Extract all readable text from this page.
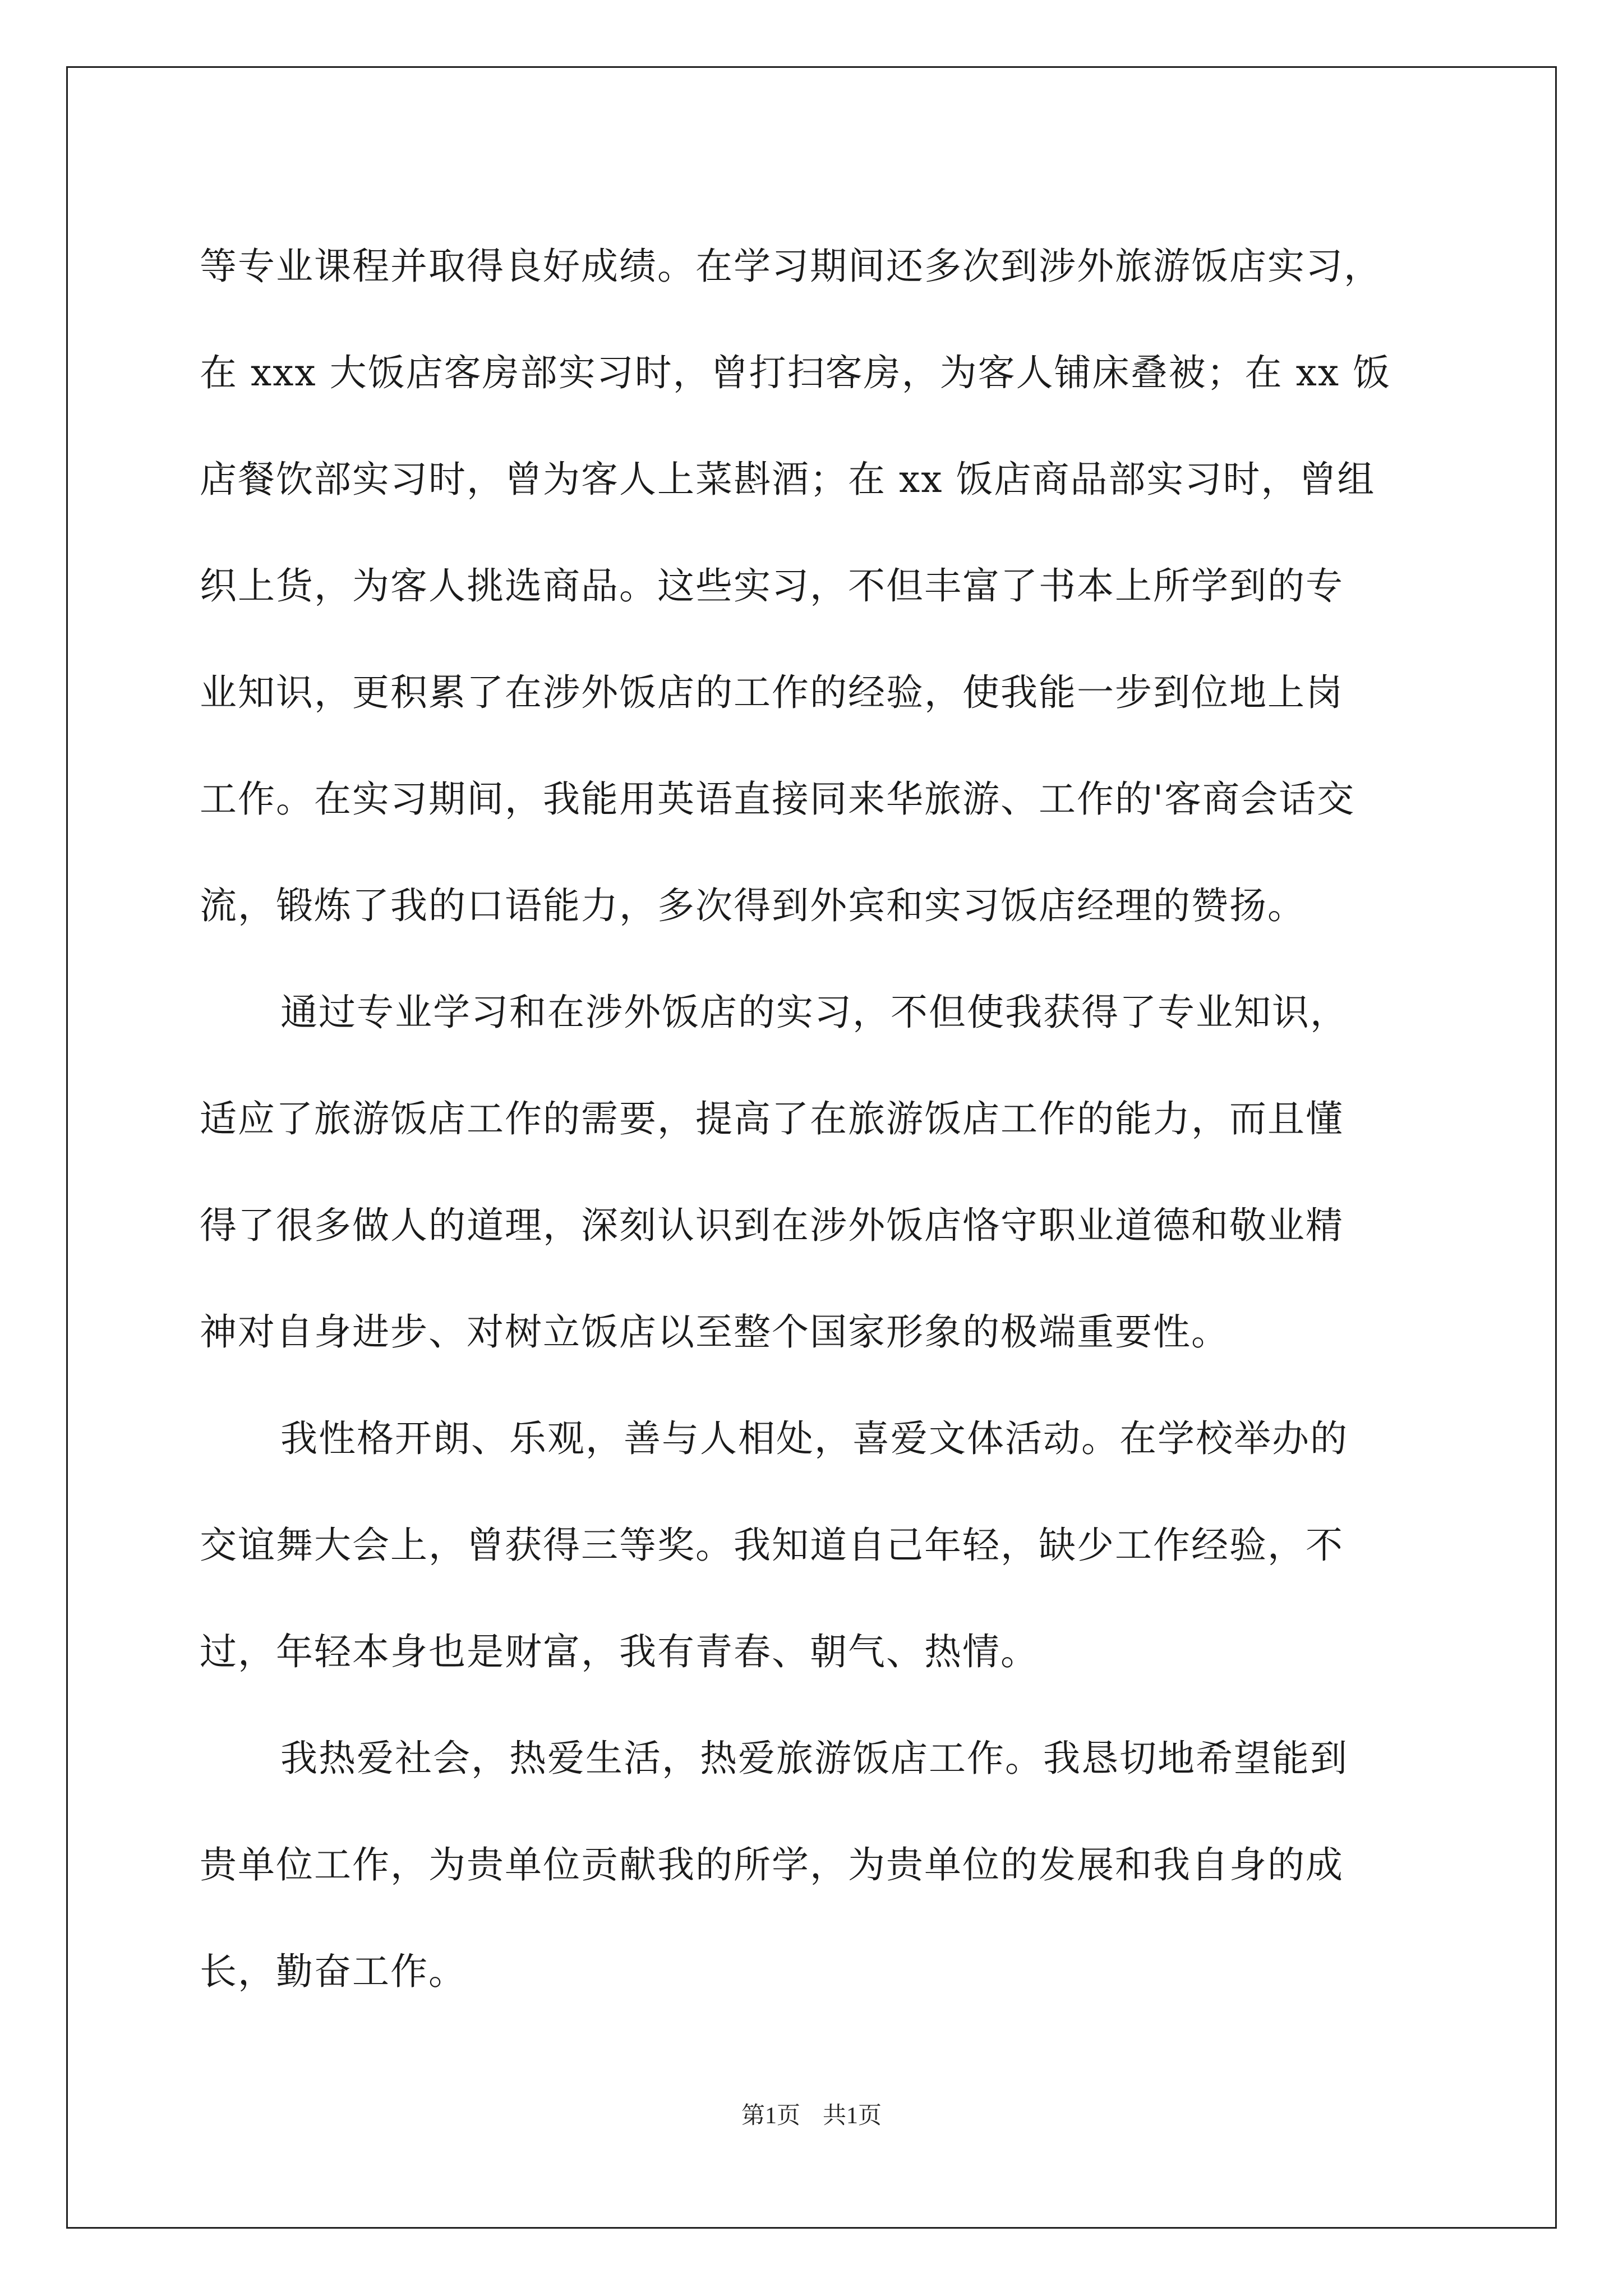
等专业课程并取得良好成绩。在学习期间还多次到涉外旅游饭店实习，
在 xxx 大饭店客房部实习时，曾打扫客房，为客人铺床叠被；在 xx 饭
店餐饮部实习时，曾为客人上菜斟酒；在 xx 饭店商品部实习时，曾组
织上货，为客人挑选商品。这些实习，不但丰富了书本上所学到的专
业知识，更积累了在涉外饭店的工作的经验，使我能一步到位地上岗
工作。在实习期间，我能用英语直接同来华旅游、工作的'客商会话交
流，锻炼了我的口语能力，多次得到外宾和实习饭店经理的赞扬。
通过专业学习和在涉外饭店的实习，不但使我获得了专业知识，
适应了旅游饭店工作的需要，提高了在旅游饭店工作的能力，而且懂
得了很多做人的道理，深刻认识到在涉外饭店恪守职业道德和敬业精
神对自身进步、对树立饭店以至整个国家形象的极端重要性。
我性格开朗、乐观，善与人相处，喜爱文体活动。在学校举办的
交谊舞大会上，曾获得三等奖。我知道自己年轻，缺少工作经验，不
过，年轻本身也是财富，我有青春、朝气、热情。
我热爱社会，热爱生活，热爱旅游饭店工作。我恳切地希望能到
贵单位工作，为贵单位贡献我的所学，为贵单位的发展和我自身的成
长，勤奋工作。
第1页 共1页
